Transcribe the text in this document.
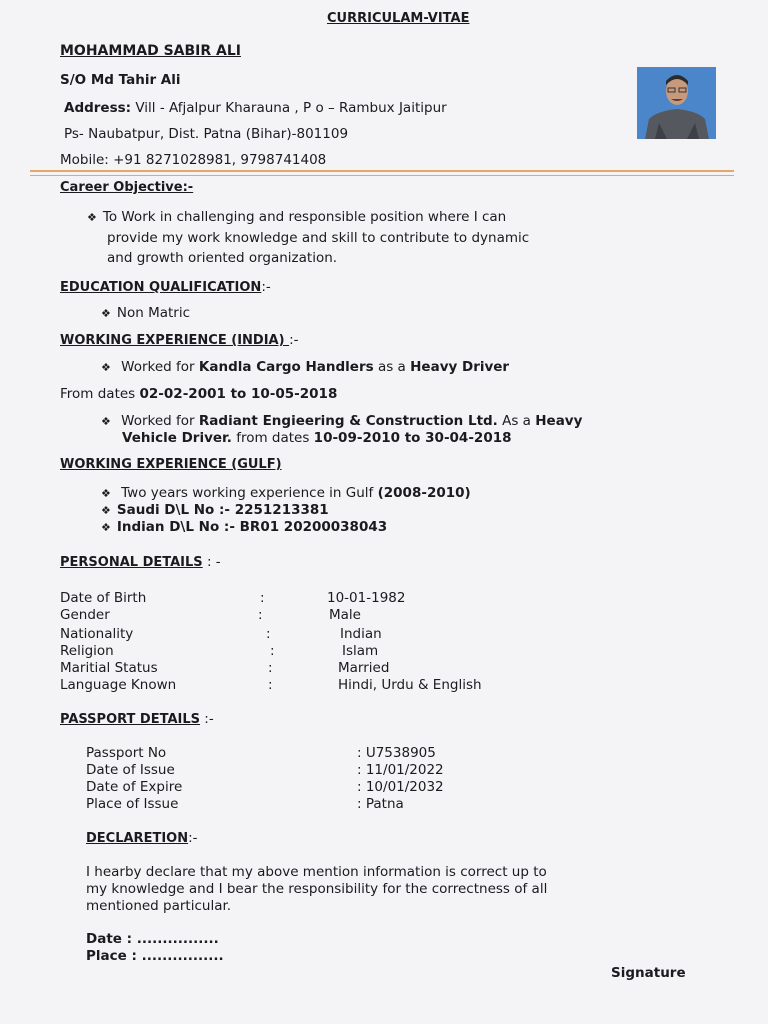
CURRICULAM-VITAE
MOHAMMAD SABIR ALI
S/O Md Tahir Ali
Address: Vill - Afjalpur Kharauna , P o – Rambux Jaitipur
Ps- Naubatpur, Dist. Patna (Bihar)-801109
Mobile: +91 8271028981, 9798741408
Career Objective:-
❖ To Work in challenging and responsible position where I can
provide my work knowledge and skill to contribute to dynamic
and growth oriented organization.
EDUCATION QUALIFICATION:-
❖ Non Matric
WORKING EXPERIENCE (INDIA) :-
❖ Worked for Kandla Cargo Handlers as a Heavy Driver
From dates 02-02-2001 to 10-05-2018
❖ Worked for Radiant Engieering & Construction Ltd. As a Heavy
Vehicle Driver. from dates 10-09-2010 to 30-04-2018
WORKING EXPERIENCE (GULF)
❖ Two years working experience in Gulf (2008-2010)
❖ Saudi D\L No :- 2251213381
❖ Indian D\L No :- BR01 20200038043
PERSONAL DETAILS : -
Date of Birth	:	10-01-1982
Gender	:	Male
Nationality	:	Indian
Religion	:	Islam
Maritial Status	:	Married
Language Known	:	Hindi, Urdu & English
PASSPORT DETAILS :-
Passport No	: U7538905
Date of Issue	: 11/01/2022
Date of Expire	: 10/01/2032
Place of Issue	: Patna
DECLARETION:-
I hearby declare that my above mention information is correct up to
my knowledge and I bear the responsibility for the correctness of all
mentioned particular.
Date : ................
Place : ................
Signature
